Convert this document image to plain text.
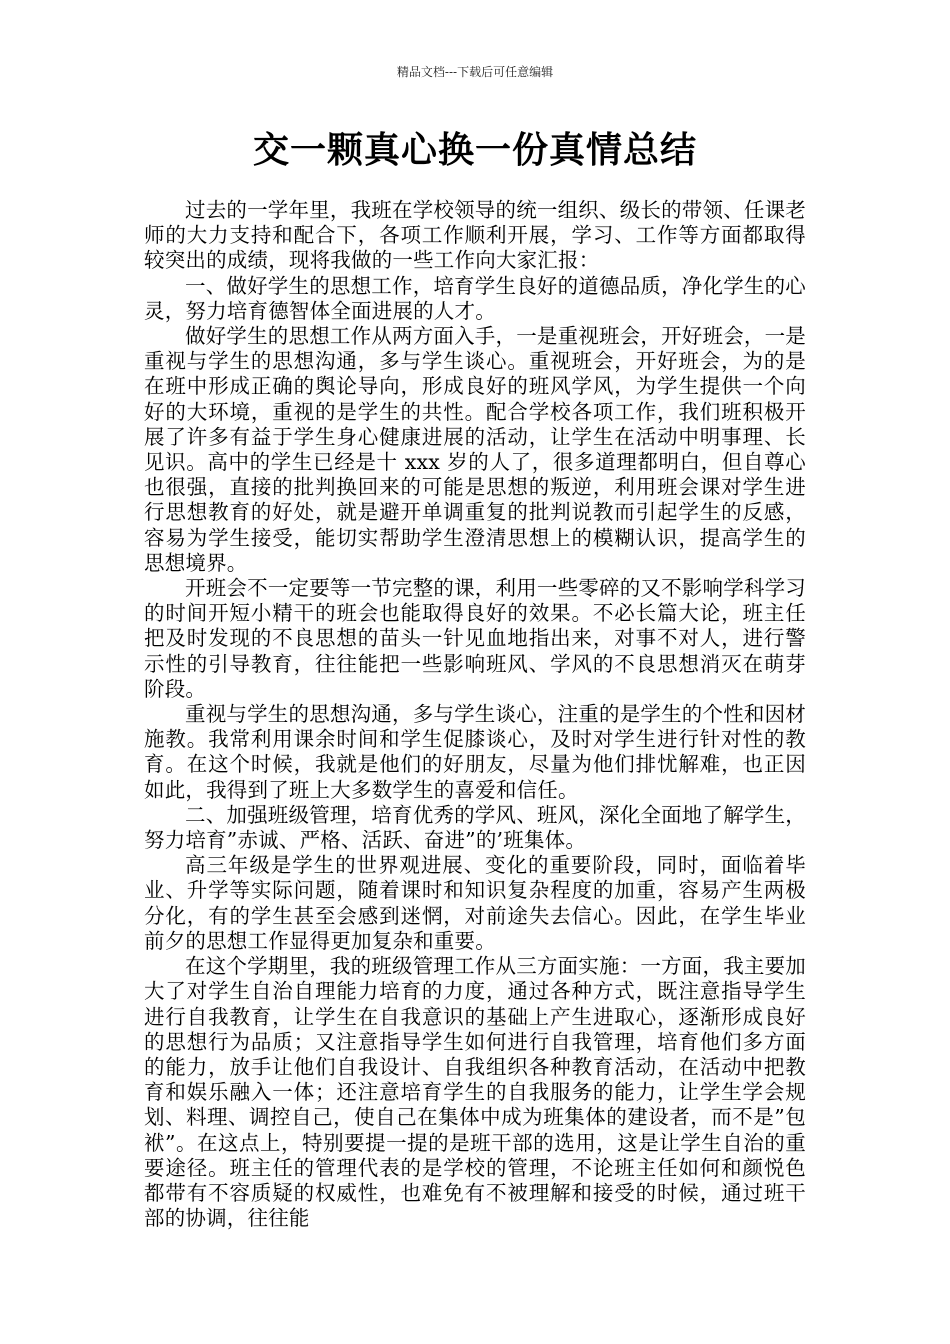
精品文档---下载后可任意编辑
交一颗真心换一份真情总结

过去的一学年里，我班在学校领导的统一组织、级长的带领、任课老师的大力支持和配合下，各项工作顺利开展，学习、工作等方面都取得较突出的成绩，现将我做的一些工作向大家汇报：

一、做好学生的思想工作，培育学生良好的道德品质，净化学生的心灵，努力培育德智体全面进展的人才。

做好学生的思想工作从两方面入手，一是重视班会，开好班会，一是重视与学生的思想沟通，多与学生谈心。重视班会，开好班会，为的是在班中形成正确的舆论导向，形成良好的班风学风，为学生提供一个向好的大环境，重视的是学生的共性。配合学校各项工作，我们班积极开展了许多有益于学生身心健康进展的活动，让学生在活动中明事理、长见识。高中的学生已经是十 xxx 岁的人了，很多道理都明白，但自尊心也很强，直接的批判换回来的可能是思想的叛逆，利用班会课对学生进行思想教育的好处，就是避开单调重复的批判说教而引起学生的反感，容易为学生接受，能切实帮助学生澄清思想上的模糊认识，提高学生的思想境界。

开班会不一定要等一节完整的课，利用一些零碎的又不影响学科学习的时间开短小精干的班会也能取得良好的效果。不必长篇大论，班主任把及时发现的不良思想的苗头一针见血地指出来，对事不对人，进行警示性的引导教育，往往能把一些影响班风、学风的不良思想消灭在萌芽阶段。

重视与学生的思想沟通，多与学生谈心，注重的是学生的个性和因材施教。我常利用课余时间和学生促膝谈心，及时对学生进行针对性的教育。在这个时候，我就是他们的好朋友，尽量为他们排忧解难，也正因如此，我得到了班上大多数学生的喜爱和信任。

二、加强班级管理，培育优秀的学风、班风，深化全面地了解学生，努力培育”赤诚、严格、活跃、奋进”的’班集体。

高三年级是学生的世界观进展、变化的重要阶段，同时，面临着毕业、升学等实际问题，随着课时和知识复杂程度的加重，容易产生两极分化，有的学生甚至会感到迷惘，对前途失去信心。因此，在学生毕业前夕的思想工作显得更加复杂和重要。

在这个学期里，我的班级管理工作从三方面实施：一方面，我主要加大了对学生自治自理能力培育的力度，通过各种方式，既注意指导学生进行自我教育，让学生在自我意识的基础上产生进取心，逐渐形成良好的思想行为品质；又注意指导学生如何进行自我管理，培育他们多方面的能力，放手让他们自我设计、自我组织各种教育活动，在活动中把教育和娱乐融入一体；还注意培育学生的自我服务的能力，让学生学会规划、料理、调控自己，使自己在集体中成为班集体的建设者，而不是”包袱”。在这点上，特别要提一提的是班干部的选用，这是让学生自治的重要途径。班主任的管理代表的是学校的管理，不论班主任如何和颜悦色都带有不容质疑的权威性，也难免有不被理解和接受的时候，通过班干部的协调，往往能
